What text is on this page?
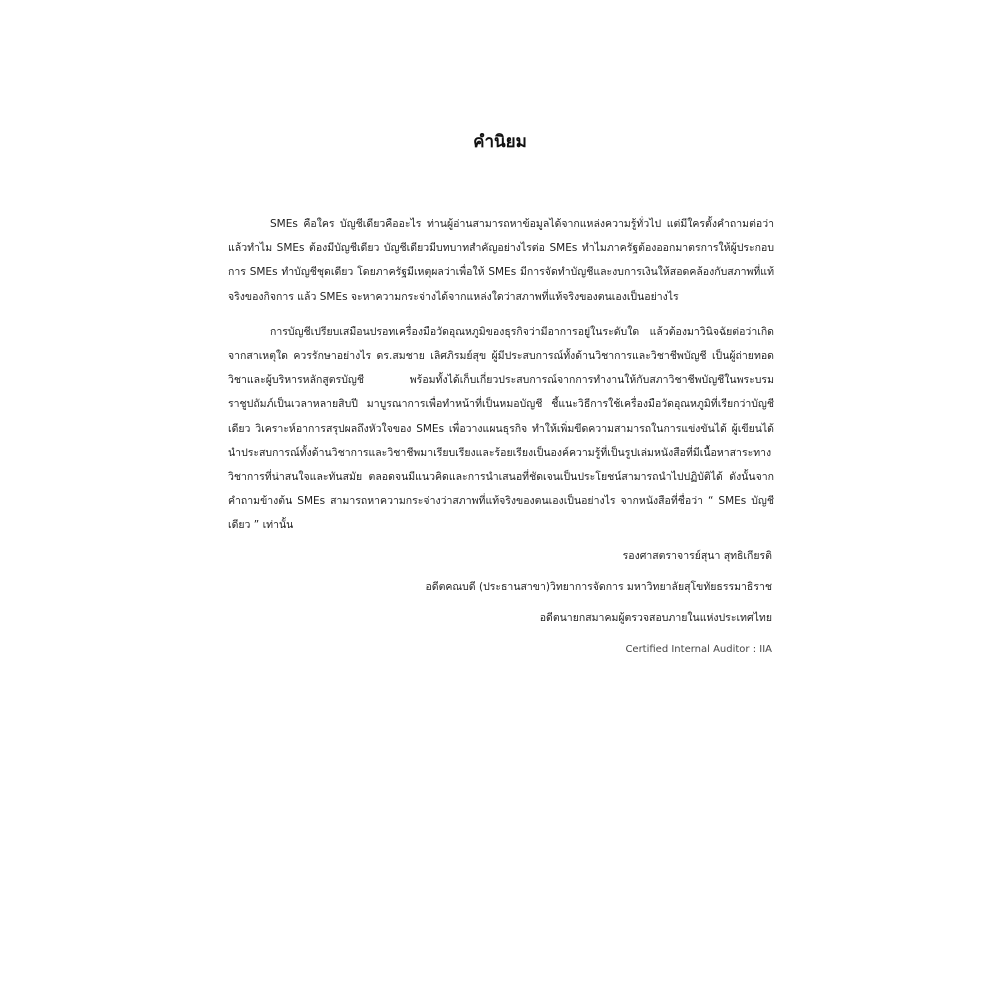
คำนิยม

SMEs คือใคร บัญชีเดียวคืออะไร ท่านผู้อ่านสามารถหาข้อมูลได้จากแหล่งความรู้ทั่วไป แต่มีใครตั้งคำถามต่อว่าแล้วทำไม SMEs ต้องมีบัญชีเดียว บัญชีเดียวมีบทบาทสำคัญอย่างไรต่อ SMEs ทำไมภาครัฐต้องออกมาตรการให้ผู้ประกอบการ SMEs ทำบัญชีชุดเดียว โดยภาครัฐมีเหตุผลว่าเพื่อให้ SMEs มีการจัดทำบัญชีและงบการเงินให้สอดคล้องกับสภาพที่แท้จริงของกิจการ แล้ว SMEs จะหาความกระจ่างได้จากแหล่งใดว่าสภาพที่แท้จริงของตนเองเป็นอย่างไร

การบัญชีเปรียบเสมือนปรอทเครื่องมือวัดอุณหภูมิของธุรกิจว่ามีอาการอยู่ในระดับใด แล้วต้องมาวินิจฉัยต่อว่าเกิดจากสาเหตุใด ควรรักษาอย่างไร ดร.สมชาย เลิศภิรมย์สุข ผู้มีประสบการณ์ทั้งด้านวิชาการและวิชาชีพบัญชี เป็นผู้ถ่ายทอดวิชาและผู้บริหารหลักสูตรบัญชี พร้อมทั้งได้เก็บเกี่ยวประสบการณ์จากการทำงานให้กับสภาวิชาชีพบัญชีในพระบรมราชูปถัมภ์เป็นเวลาหลายสิบปี มาบูรณาการเพื่อทำหน้าที่เป็นหมอบัญชี ชี้แนะวิธีการใช้เครื่องมือวัดอุณหภูมิที่เรียกว่าบัญชีเดียว วิเคราะห์อาการสรุปผลถึงหัวใจของ SMEs เพื่อวางแผนธุรกิจ ทำให้เพิ่มขีดความสามารถในการแข่งขันได้ ผู้เขียนได้นำประสบการณ์ทั้งด้านวิชาการและวิชาชีพมาเรียบเรียงและร้อยเรียงเป็นองค์ความรู้ที่เป็นรูปเล่มหนังสือที่มีเนื้อหาสาระทางวิชาการที่น่าสนใจและทันสมัย ตลอดจนมีแนวคิดและการนำเสนอที่ชัดเจนเป็นประโยชน์สามารถนำไปปฏิบัติได้ ดังนั้นจากคำถามข้างต้น SMEs สามารถหาความกระจ่างว่าสภาพที่แท้จริงของตนเองเป็นอย่างไร จากหนังสือที่ชื่อว่า “ SMEs บัญชีเดียว ” เท่านั้น

รองศาสตราจารย์สุนา สุทธิเกียรติ
อดีตคณบดี (ประธานสาขา)วิทยาการจัดการ มหาวิทยาลัยสุโขทัยธรรมาธิราช
อดีตนายกสมาคมผู้ตรวจสอบภายในแห่งประเทศไทย
Certified Internal Auditor : IIA
